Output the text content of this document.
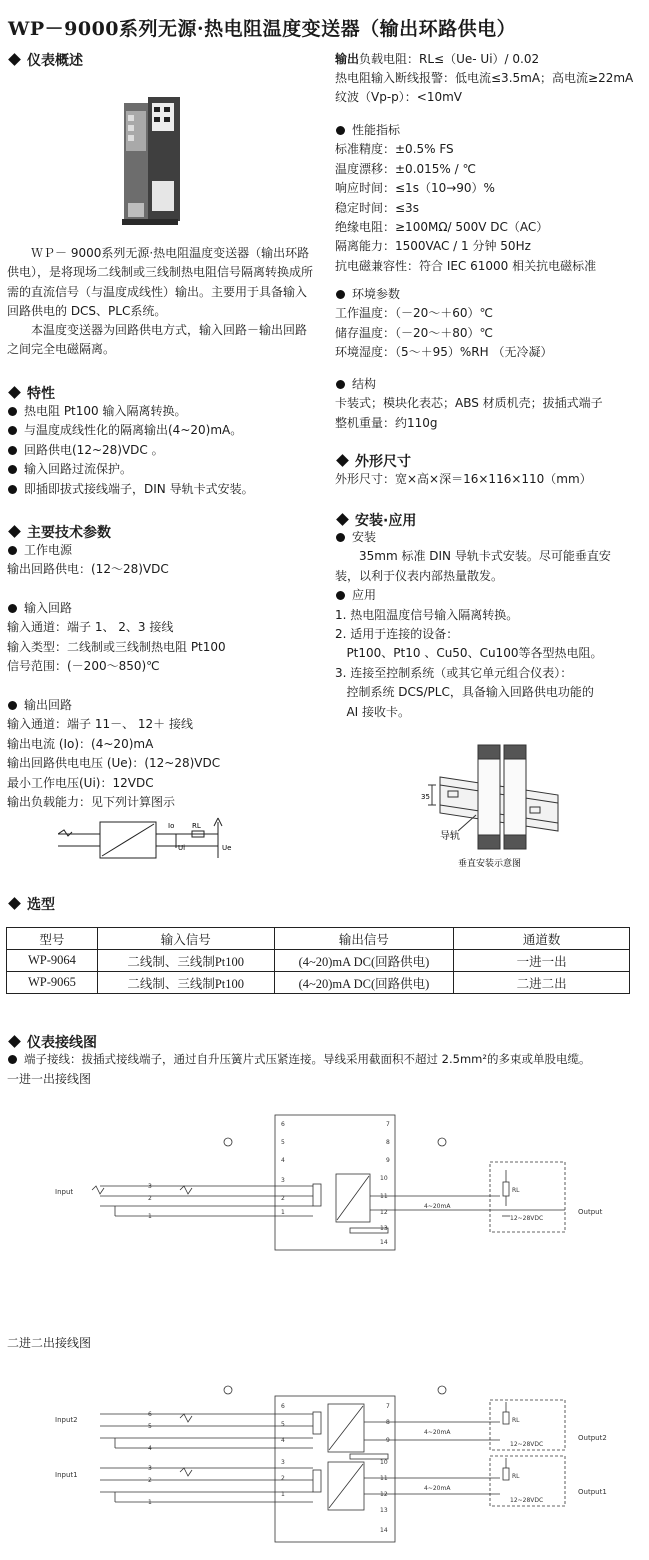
WP－9000系列无源·热电阻温度变送器（输出环路供电）
仪表概述
ＷＰ－ 9000系列无源·热电阻温度变送器（输出环路供电），是将现场二线制或三线制热电阻信号隔离转换成所需的直流信号（与温度成线性）输出。主要用于具备输入回路供电的 DCS、PLC系统。
本温度变送器为回路供电方式，输入回路－输出回路之间完全电磁隔离。
特性
热电阻 Pt100 输入隔离转换。
与温度成线性化的隔离输出(4~20)mA。
回路供电(12~28)VDC 。
输入回路过流保护。
即插即拔式接线端子，DIN 导轨卡式安装。
主要技术参数
工作电源
输出回路供电：(12～28)VDC
输入回路
输入通道：端子 1、 2、3 接线
输入类型：二线制或三线制热电阻 Pt100
信号范围：(－200～850)℃
输出回路
输入通道：端子 11－、 12＋ 接线
输出电流 (Io)：(4~20)mA
输出回路供电电压 (Ue)：(12~28)VDC
最小工作电压(Ui)：12VDC
输出负载能力：见下列计算图示
Io	RL
Ui	Ue
输出负载电阻：RL≤（Ue- Ui）/ 0.02
热电阻输入断线报警：低电流≤3.5mA；高电流≥22mA
纹波（Vp-p）：<10mV
性能指标
标准精度：±0.5% FS
温度漂移：±0.015% / ℃
响应时间：≤1s（10→90）%
稳定时间：≤3s
绝缘电阻：≥100MΩ/ 500V DC（AC）
隔离能力：1500VAC / 1 分钟 50Hz
抗电磁兼容性：符合 IEC 61000 相关抗电磁标准
环境参数
工作温度：（－20～＋60）℃
储存温度：（－20～＋80）℃
环境湿度：（5～＋95）%RH （无冷凝）
结构
卡装式；模块化表芯；ABS 材质机壳；拔插式端子
整机重量：约110g
外形尺寸
外形尺寸：宽×高×深＝16×116×110（mm）
安装·应用
安装
35mm 标准 DIN 导轨卡式安装。尽可能垂直安
装，以利于仪表内部热量散发。
应用
1. 热电阻温度信号输入隔离转换。
2. 适用于连接的设备：
Pt100、Pt10 、Cu50、Cu100等各型热电阻。
3. 连接至控制系统（或其它单元组合仪表）：
控制系统 DCS/PLC，具备输入回路供电功能的
AI 接收卡。
35
导轨
垂直安装示意图
选型
型号	输入信号	输出信号	通道数
WP-9064	二线制、三线制Pt100	(4~20)mA DC(回路供电)	一进一出
WP-9065	二线制、三线制Pt100	(4~20)mA DC(回路供电)	二进二出
仪表接线图
端子接线：拔插式接线端子，通过自升压簧片式压紧连接。导线采用截面积不超过 2.5mm²的多束或单股电缆。
一进一出接线图
7
8
9
10
11
12
13
14
6
5
4
3
2
1
3
2
1
Input
Output
4~20mA
12~28VDC
RL
二进二出接线图
6
5
4
3
2
1
7
8
9
10
11
12
13
14
6
5
4
3
2
1
Input2
Input1
Output2
Output1
4~20mA
4~20mA
12~28VDC
12~28VDC
RL
RL
